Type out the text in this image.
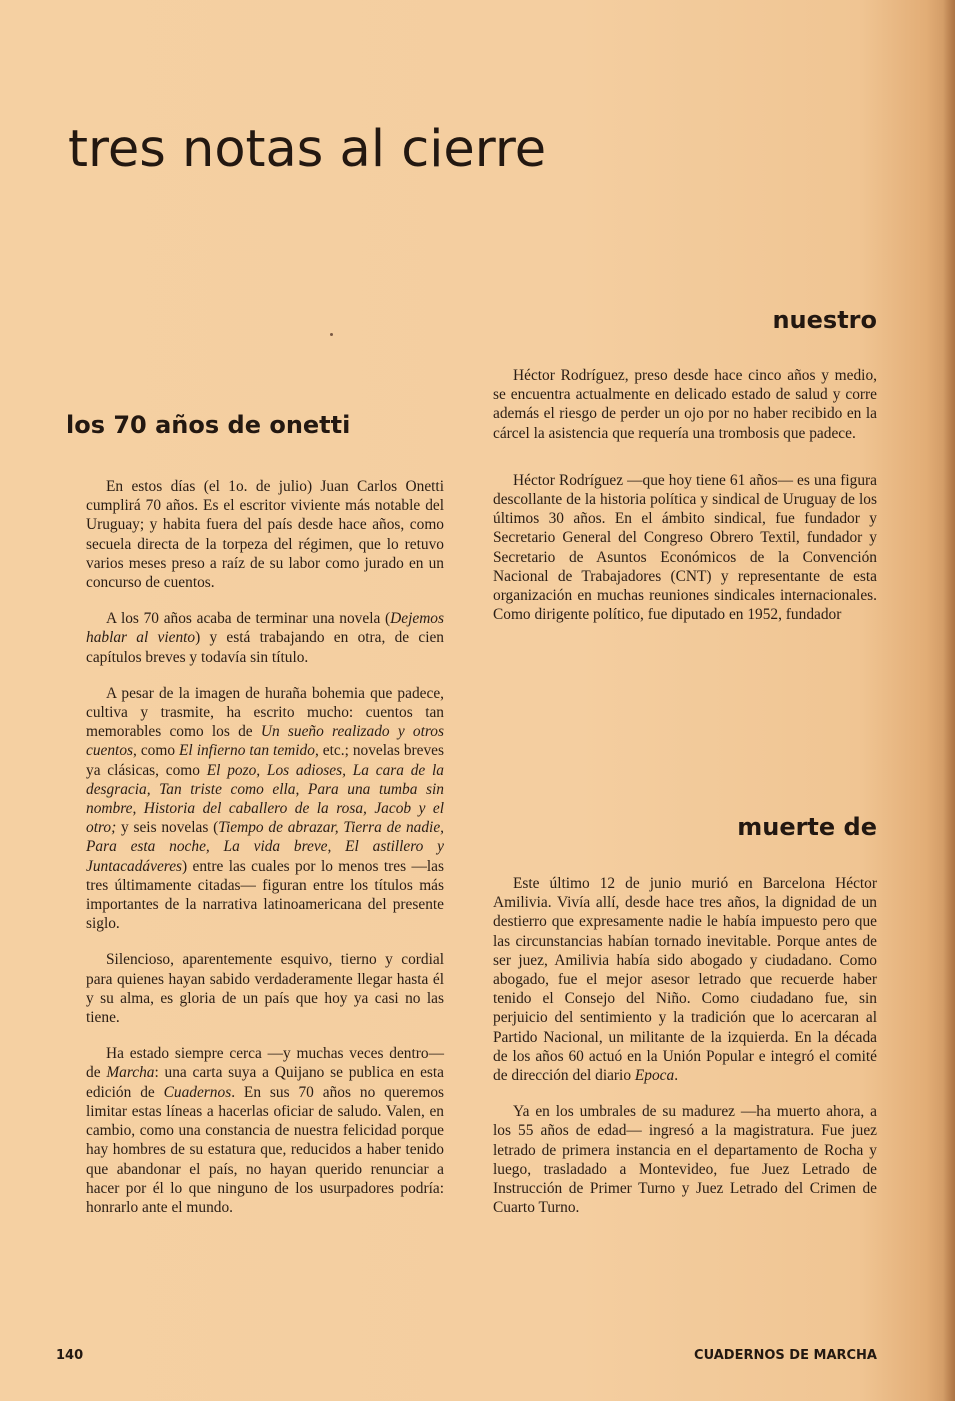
tres notas al cierre
los 70 años de onetti

En estos días (el 1o. de julio) Juan Carlos Onetti cumplirá 70 años. Es el escritor viviente más notable del Uruguay; y habita fuera del país desde hace años, como secuela directa de la torpeza del régimen, que lo retuvo varios meses preso a raíz de su labor como jurado en un concurso de cuentos.

A los 70 años acaba de terminar una novela (Dejemos hablar al viento) y está trabajando en otra, de cien capítulos breves y todavía sin título.

A pesar de la imagen de huraña bohemia que padece, cultiva y trasmite, ha escrito mucho: cuentos tan memorables como los de Un sueño realizado y otros cuentos, como El infierno tan temido, etc.; novelas breves ya clásicas, como El pozo, Los adioses, La cara de la desgracia, Tan triste como ella, Para una tumba sin nombre, Historia del caballero de la rosa, Jacob y el otro; y seis novelas (Tiempo de abrazar, Tierra de nadie, Para esta noche, La vida breve, El astillero y Juntacadáveres) entre las cuales por lo menos tres —las tres últimamente citadas— figuran entre los títulos más importantes de la narrativa latinoamericana del presente siglo.

Silencioso, aparentemente esquivo, tierno y cordial para quienes hayan sabido verdaderamente llegar hasta él y su alma, es gloria de un país que hoy ya casi no las tiene.

Ha estado siempre cerca —y muchas veces dentro— de Marcha: una carta suya a Quijano se publica en esta edición de Cuadernos. En sus 70 años no queremos limitar estas líneas a hacerlas oficiar de saludo. Valen, en cambio, como una constancia de nuestra felicidad porque hay hombres de su estatura que, reducidos a haber tenido que abandonar el país, no hayan querido renunciar a hacer por él lo que ninguno de los usurpadores podría: honrarlo ante el mundo.

nuestro

Héctor Rodríguez, preso desde hace cinco años y medio, se encuentra actualmente en delicado estado de salud y corre además el riesgo de perder un ojo por no haber recibido en la cárcel la asistencia que requería una trombosis que padece.

Héctor Rodríguez —que hoy tiene 61 años— es una figura descollante de la historia política y sindical de Uruguay de los últimos 30 años. En el ámbito sindical, fue fundador y Secretario General del Congreso Obrero Textil, fundador y Secretario de Asuntos Económicos de la Convención Nacional de Trabajadores (CNT) y representante de esta organización en muchas reuniones sindicales internacionales. Como dirigente político, fue diputado en 1952, fundador

muerte de

Este último 12 de junio murió en Barcelona Héctor Amilivia. Vivía allí, desde hace tres años, la dignidad de un destierro que expresamente nadie le había impuesto pero que las circunstancias habían tornado inevitable. Porque antes de ser juez, Amilivia había sido abogado y ciudadano. Como abogado, fue el mejor asesor letrado que recuerde haber tenido el Consejo del Niño. Como ciudadano fue, sin perjuicio del sentimiento y la tradición que lo acercaran al Partido Nacional, un militante de la izquierda. En la década de los años 60 actuó en la Unión Popular e integró el comité de dirección del diario Epoca.

Ya en los umbrales de su madurez —ha muerto ahora, a los 55 años de edad— ingresó a la magistratura. Fue juez letrado de primera instancia en el departamento de Rocha y luego, trasladado a Montevideo, fue Juez Letrado de Instrucción de Primer Turno y Juez Letrado del Crimen de Cuarto Turno.

140	CUADERNOS DE MARCHA
